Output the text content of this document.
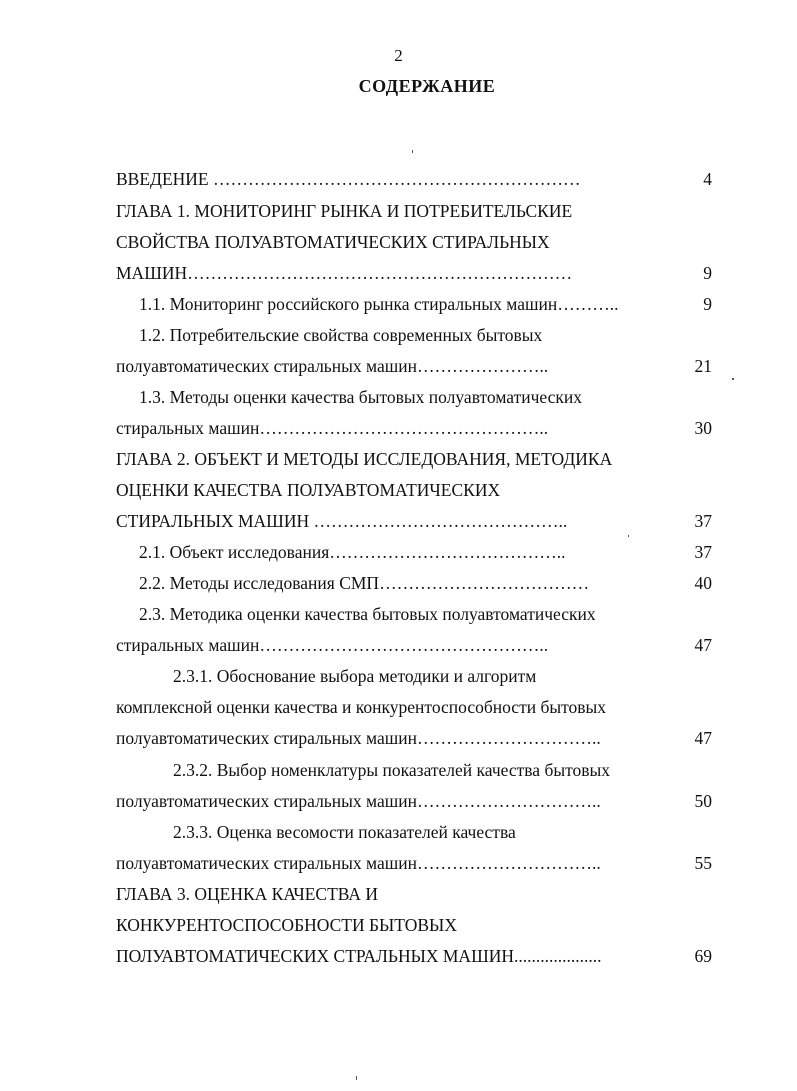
2
СОДЕРЖАНИЕ
ВВЕДЕНИЕ ………………………………………………………	4
ГЛАВА 1. МОНИТОРИНГ РЫНКА И ПОТРЕБИТЕЛЬСКИЕ
СВОЙСТВА ПОЛУАВТОМАТИЧЕСКИХ СТИРАЛЬНЫХ
МАШИН…………………………………………………………	9
1.1. Мониторинг российского рынка стиральных машин………..	9
1.2. Потребительские свойства современных бытовых
полуавтоматических стиральных машин…………………..	21
1.3. Методы оценки качества бытовых полуавтоматических
стиральных машин…………………………………………..	30
ГЛАВА 2. ОБЪЕКТ И МЕТОДЫ ИССЛЕДОВАНИЯ, МЕТОДИКА
ОЦЕНКИ КАЧЕСТВА ПОЛУАВТОМАТИЧЕСКИХ
СТИРАЛЬНЫХ МАШИН ……………………………………..	37
2.1. Объект исследования…………………………………..	37
2.2. Методы исследования СМП………………………………	40
2.3. Методика оценки качества бытовых полуавтоматических
стиральных машин…………………………………………..	47
2.3.1. Обоснование выбора методики и алгоритм
комплексной оценки качества и конкурентоспособности бытовых
полуавтоматических стиральных машин…………………………..	47
2.3.2. Выбор номенклатуры показателей качества бытовых
полуавтоматических стиральных машин…………………………..	50
2.3.3. Оценка весомости показателей качества
полуавтоматических стиральных машин…………………………..	55
ГЛАВА 3. ОЦЕНКА КАЧЕСТВА И
КОНКУРЕНТОСПОСОБНОСТИ БЫТОВЫХ
ПОЛУАВТОМАТИЧЕСКИХ СТРАЛЬНЫХ МАШИН....................	69
